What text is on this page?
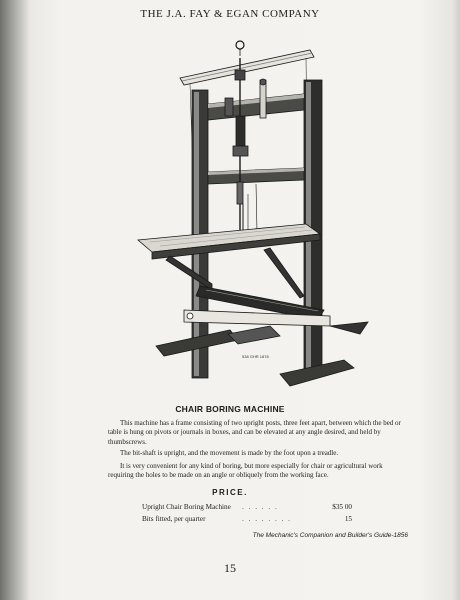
THE J.A. FAY & EGAN COMPANY
538 GHR 1878
CHAIR BORING MACHINE

This machine has a frame consisting of two upright posts, three feet apart, between which the bed or table is hung on pivots or journals in boxes, and can be elevated at any angle desired, and held by thumbscrews.

The bit-shaft is upright, and the movement is made by the foot upon a treadle.

It is very convenient for any kind of boring, but more especially for chair or agricultural work requiring the holes to be made on an angle or obliquely from the working face.

PRICE.
Upright Chair Boring Machine . . . . . .	$35 00
Bits fitted, per quarter	. . . . . . . .	15
The Mechanic's Companion and Builder's Guide-1856
15
